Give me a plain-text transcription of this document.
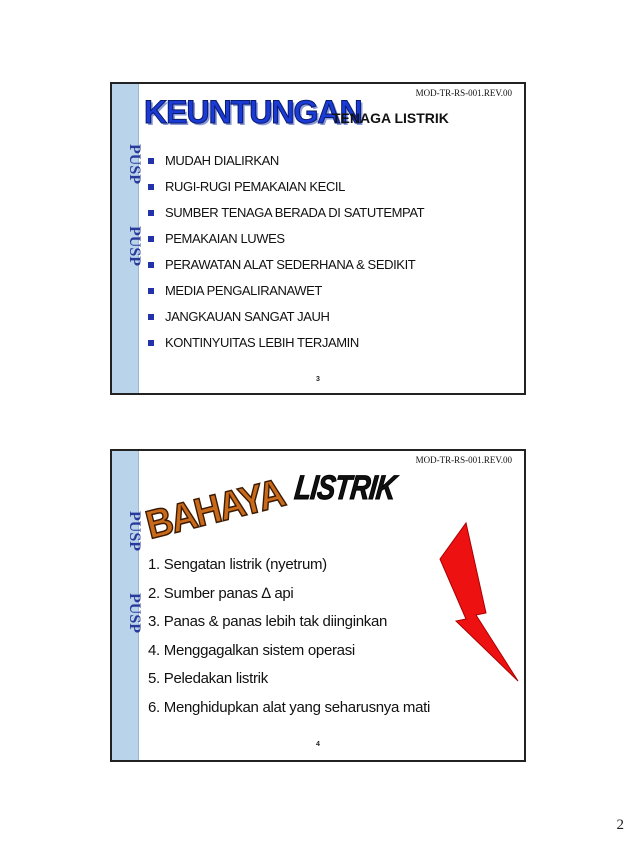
PUSP
PUSP
MOD-TR-RS-001.REV.00
KEUNTUNGAN
TENAGA LISTRIK
MUDAH DIALIRKAN
RUGI-RUGI PEMAKAIAN KECIL
SUMBER TENAGA BERADA DI SATUTEMPAT
PEMAKAIAN LUWES
PERAWATAN ALAT SEDERHANA & SEDIKIT
MEDIA PENGALIRANAWET
JANGKAUAN SANGAT JAUH
KONTINYUITAS LEBIH TERJAMIN
3
PUSP
PUSP
MOD-TR-RS-001.REV.00
BAHAYA
LISTRIK
1. Sengatan listrik (nyetrum)
2. Sumber panas ∆ api
3. Panas & panas lebih tak diinginkan
4. Menggagalkan sistem operasi
5. Peledakan listrik
6. Menghidupkan alat yang seharusnya mati
4
2
